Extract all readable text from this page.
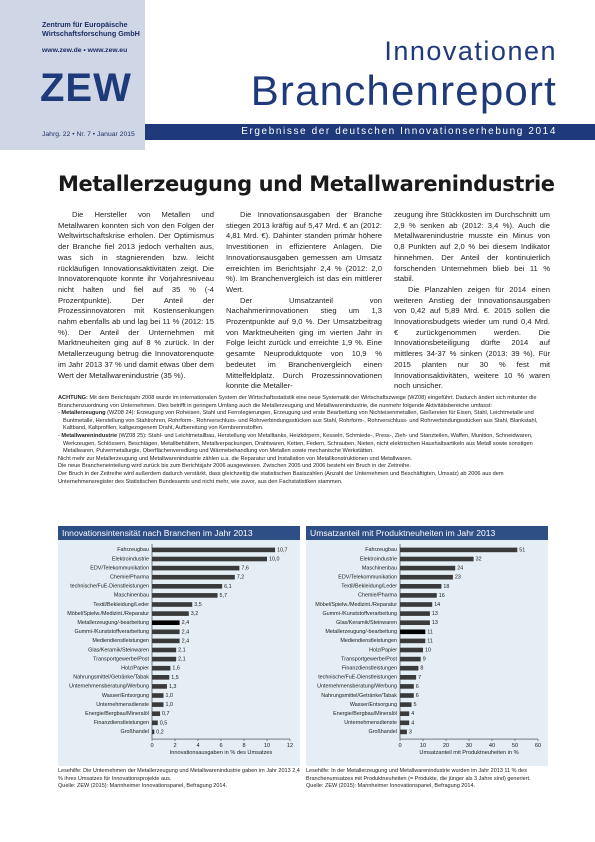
Zentrum für Europäische Wirtschaftsforschung GmbH
www.zew.de • www.zew.eu
ZEW
Jahrg. 22 • Nr. 7 • Januar 2015
Innovationen
Branchenreport
Ergebnisse der deutschen Innovationserhebung 2014
Metallerzeugung und Metallwarenindustrie

Die Hersteller von Metallen und Metallwaren konnten sich von den Folgen der Weltwirtschaftskrise erholen. Der Optimismus der Branche fiel 2013 jedoch verhalten aus, was sich in stagnierenden bzw. leicht rückläufigen Innovationsaktivitäten zeigt. Die Innovatorenquote konnte ihr Vorjahresniveau nicht halten und fiel auf 35 % (-4 Prozentpunkte). Der Anteil der Prozessinnovatoren mit Kostensenkungen nahm ebenfalls ab und lag bei 11 % (2012: 15 %). Der Anteil der Unternehmen mit Marktneuheiten ging auf 8 % zurück. In der Metallerzeugung betrug die Innovatorenquote im Jahr 2013 37 % und damit etwas über dem Wert der Metallwarenindustrie (35 %).

Die Innovationsausgaben der Branche stiegen 2013 kräftig auf 5,47 Mrd. € an (2012: 4,81 Mrd. €). Dahinter standen primär höhere Investitionen in effizientere Anlagen. Die Innovationsausgaben gemessen am Umsatz erreichten im Berichtsjahr 2,4 % (2012: 2,0 %). Im Branchenvergleich ist das ein mittlerer Wert.

Der Umsatzanteil von Nachahmerinnovationen stieg um 1,3 Prozentpunkte auf 9,0 %. Der Umsatzbeitrag von Marktneuheiten ging im vierten Jahr in Folge leicht zurück und erreichte 1,9 %. Eine gesamte Neuproduktquote von 10,9 % bedeutet im Branchenvergleich einen Mittelfeldplatz. Durch Prozessinnovationen konnte die Metaller-

zeugung ihre Stückkosten im Durchschnitt um 2,9 % senken ab (2012: 3,4 %). Auch die Metallwarenindustrie musste ein Minus von 0,8 Punkten auf 2,0 % bei diesem Indikator hinnehmen. Der Anteil der kontinuierlich forschenden Unternehmen blieb bei 11 % stabil.

Die Planzahlen zeigen für 2014 einen weiteren Anstieg der Innovationsausgaben von 0,42 auf 5,89 Mrd. €. 2015 sollen die Innovationsbudgets wieder um rund 0,4 Mrd. € zurückgenommen werden. Die Innovationsbeteiligung dürfte 2014 auf mittleres 34-37 % sinken (2013: 39 %). Für 2015 planten nur 30 % fest mit Innovationsaktivitäten, weitere 10 % waren noch unsicher.

ACHTUNG: Mit dem Berichtsjahr 2008 wurde im internationalen System der Wirtschaftsstatistik eine neue Systematik der Wirtschaftszweige (WZ08) eingeführt. Dadurch ändert sich mitunter die Branchenzuordnung von Unternehmen. Dies betrifft in geringem Umfang auch die Metallerzeugung und Metallwarenindustrie, die nunmehr folgende Aktivitätsbereiche umfasst:
- Metallerzeugung (WZ08 24): Erzeugung von Roheisen, Stahl und Ferrolegierungen, Erzeugung und erste Bearbeitung von Nichteisenmetallen, Gießereien für Eisen, Stahl, Leichtmetalle und Buntmetalle, Herstellung von Stahlrohren, Rohrform-, Rohrverschluss- und Rohrverbindungsstücken aus Stahl, Rohrform-, Rohrverschluss- und Rohrverbindungsstücken aus Stahl, Blankstahl, Kaltband, Kaltprofilen, kaltgezogenem Draht, Aufbereitung von Kernbrennstoffen.
- Metallwarenindustrie (WZ08 25): Stahl- und Leichtmetallbau, Herstellung von Metalltanks, Heizkörpern, Kesseln, Schmiede-, Press-, Zieh- und Stanzteilen, Waffen, Munition, Schneidwaren, Werkzeugen, Schlössern, Beschlägen, Metallbehältern, Metallverpackungen, Drahtwaren, Ketten, Federn, Schrauben, Nieten, nicht elektrischen Haushaltsartikeln aus Metall sowie sonstigen Metallwaren, Pulvermetallurgie, Oberflächenveredlung und Wärmebehandlung von Metallen sowie mechanische Werkstätten.
Nicht mehr zur Metallerzeugung und Metallwarenindustrie zählen u.a. die Reparatur und Installation von Metallkonstruktionen und Metallwaren.
Die neue Brancheneinteilung wird zurück bis zum Berichtsjahr 2006 ausgewiesen. Zwischen 2005 und 2006 besteht ein Bruch in der Zeitreihe.
Der Bruch in der Zeitreihe wird außerdem dadurch verstärkt, dass gleichzeitig die statistischen Basiszahlen (Anzahl der Unternehmen und Beschäftigten, Umsatz) ab 2006 aus dem Unternehmensregister des Statistischen Bundesamts und nicht mehr, wie zuvor, aus den Fachstatistiken stammen.
Innovationsintensität nach Branchen im Jahr 2013
Fahrzeugbau	10,7
Elektroindustrie	10,0
EDV/Telekommunikation	7,6
Chemie/Pharma	7,2
technische/FuE-Dienstleistungen	6,1
Maschinenbau	5,7
Textil/Bekleidung/Leder	3,5
Möbel/Spielw./Medizint./Reparatur	3,2
Metallerzeugung/-bearbeitung	2,4
Gummi-/Kunststoffverarbeitung	2,4
Mediendienstleistungen	2,4
Glas/Keramik/Steinwaren	2,1
Transportgewerbe/Post	2,1
Holz/Papier	1,6
Nahrungsmittel/Getränke/Tabak	1,5
Unternehmensberatung/Werbung	1,3
Wasser/Entsorgung	1,0
Unternehmensdienste	1,0
Energie/Bergbau/Mineralöl 0,7
Finanzdienstleistungen 0,5
Großhandel 0,2
0	2	4	6	8	10	12
Innovationsausgaben in % des Umsatzes
Umsatzanteil mit Produktneuheiten im Jahr 2013
Fahrzeugbau	51
Elektroindustrie	32
Maschinenbau	24
EDV/Telekommunikation	23
Textil/Bekleidung/Leder	18
Chemie/Pharma	16
Möbel/Spielw./Medizint./Reparatur	14
Gummi-/Kunststoffverarbeitung	13
Glas/Keramik/Steinwaren	13
Metallerzeugung/-bearbeitung	11
Mediendienstleistungen	11
Holz/Papier	10
Transportgewerbe/Post	9
Finanzdienstleistungen	8
technische/FuE-Dienstleistungen	7
Unternehmensberatung/Werbung	6
Nahrungsmittel/Getränke/Tabak	6
Wasser/Entsorgung	5
Energie/Bergbau/Mineralöl	4
Unternehmensdienste	4
Großhandel 3
0	10	20	30	40	50	60
Umsatzanteil mit Produktneuheiten in %
Lesehilfe: Die Unternehmen der Metallerzeugung und Metallwarenindustrie gaben im Jahr 2013 2,4 % ihres Umsatzes für Innovationsprojekte aus.
Quelle: ZEW (2015): Mannheimer Innovationspanel, Befragung 2014.
Lesehilfe: In der Metallerzeugung und Metallwarenindustrie wurden im Jahr 2013 11 % des Branchenumsatzes mit Produktneuheiten (= Produkte, die jünger als 3 Jahre sind) generiert.
Quelle: ZEW (2015): Mannheimer Innovationspanel, Befragung 2014.
